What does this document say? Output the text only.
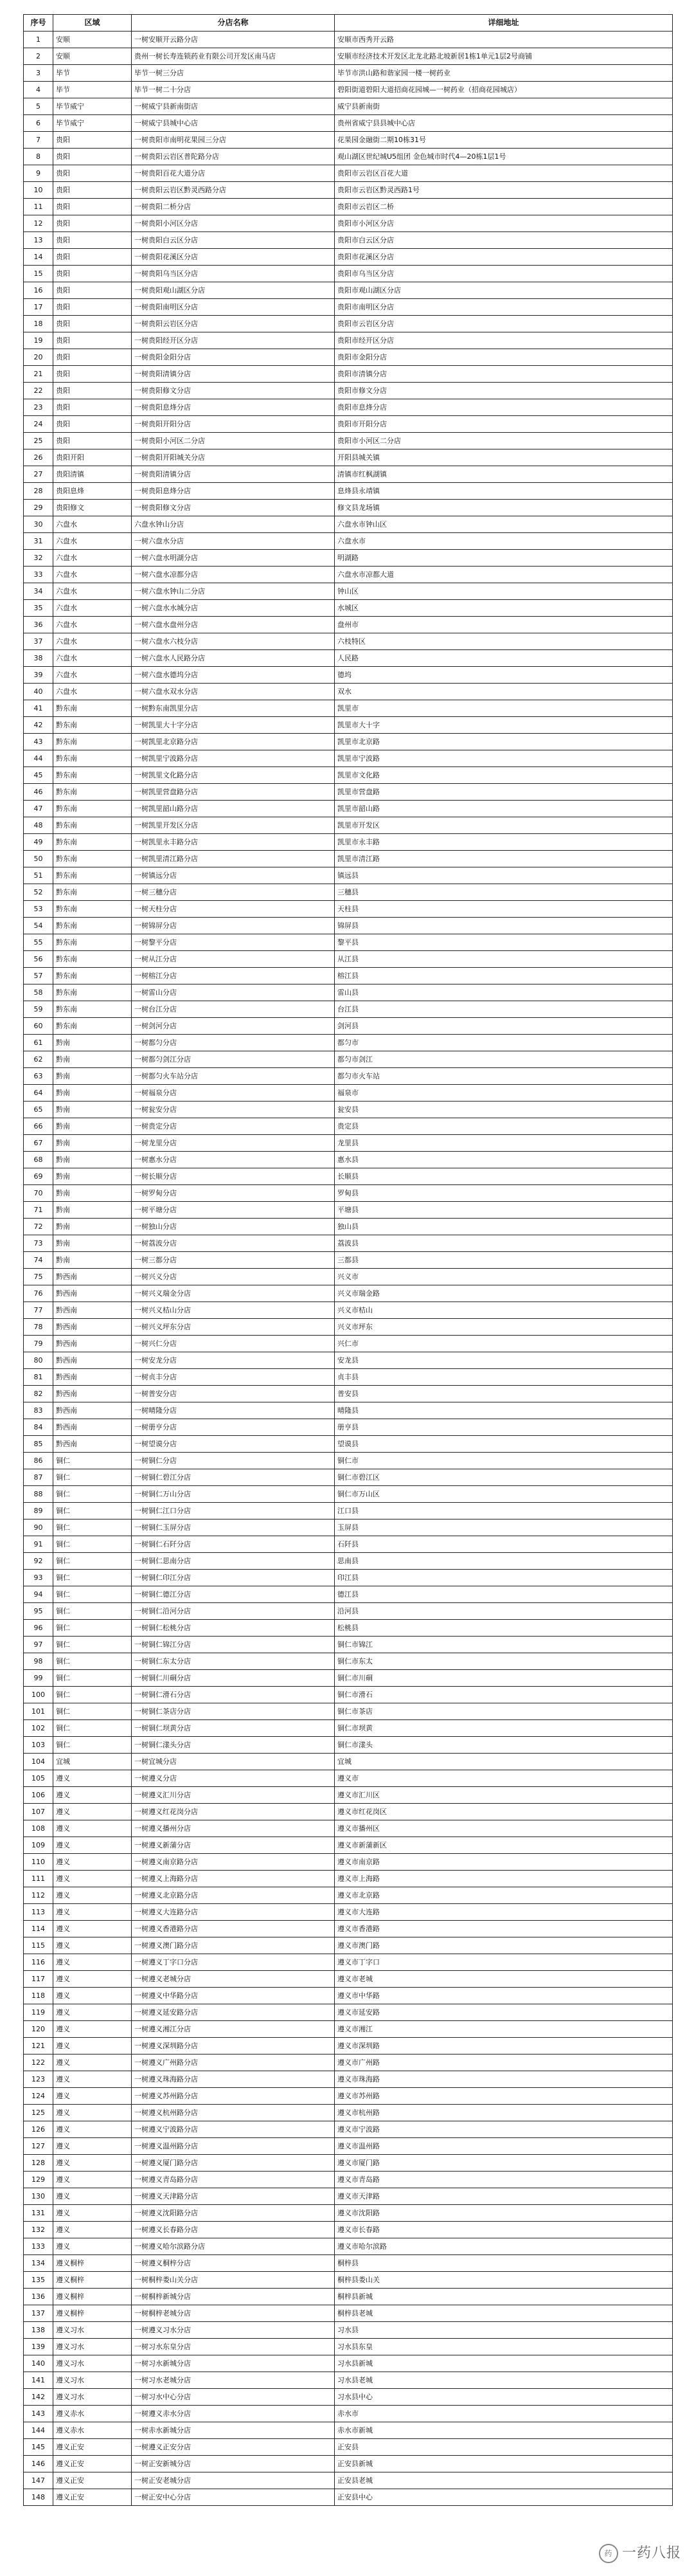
序号	区域	分店名称	详细地址
1	安顺	一树安顺开云路分店	安顺市西秀开云路
2	安顺	贵州一树长寿连锁药业有限公司开发区南马店	安顺市经济技术开发区北龙北路北坡新居1栋1单元1层2号商铺
3	毕节	毕节一树三分店	毕节市洪山路和谐家园一楼一树药业
4	毕节	毕节一树二十分店	碧阳街道碧阳大道招商花园城—一树药业（招商花园城店）
5	毕节威宁	一树威宁县新南街店	威宁县新南街
6	毕节威宁	一树威宁县城中心店	贵州省威宁县县城中心店
7	贵阳	一树贵阳市南明花果园三分店	花果园金融街二期10栋31号
8	贵阳	一树贵阳云岩区普陀路分店	观山湖区世纪城U5组团 金色城市时代4—20栋1层1号
9	贵阳	一树贵阳百花大道分店	贵阳市云岩区百花大道
10	贵阳	一树贵阳云岩区黔灵西路分店	贵阳市云岩区黔灵西路1号
11	贵阳	一树贵阳二桥分店	贵阳市云岩区二桥
12	贵阳	一树贵阳小河区分店	贵阳市小河区分店
13	贵阳	一树贵阳白云区分店	贵阳市白云区分店
14	贵阳	一树贵阳花溪区分店	贵阳市花溪区分店
15	贵阳	一树贵阳乌当区分店	贵阳市乌当区分店
16	贵阳	一树贵阳观山湖区分店	贵阳市观山湖区分店
17	贵阳	一树贵阳南明区分店	贵阳市南明区分店
18	贵阳	一树贵阳云岩区分店	贵阳市云岩区分店
19	贵阳	一树贵阳经开区分店	贵阳市经开区分店
20	贵阳	一树贵阳金阳分店	贵阳市金阳分店
21	贵阳	一树贵阳清镇分店	贵阳市清镇分店
22	贵阳	一树贵阳修文分店	贵阳市修文分店
23	贵阳	一树贵阳息烽分店	贵阳市息烽分店
24	贵阳	一树贵阳开阳分店	贵阳市开阳分店
25	贵阳	一树贵阳小河区二分店	贵阳市小河区二分店
26	贵阳开阳	一树贵阳开阳城关分店	开阳县城关镇
27	贵阳清镇	一树贵阳清镇分店	清镇市红枫湖镇
28	贵阳息烽	一树贵阳息烽分店	息烽县永靖镇
29	贵阳修文	一树贵阳修文分店	修文县龙场镇
30	六盘水	六盘水钟山分店	六盘水市钟山区
31	六盘水	一树六盘水分店	六盘水市
32	六盘水	一树六盘水明湖分店	明湖路
33	六盘水	一树六盘水凉都分店	六盘水市凉都大道
34	六盘水	一树六盘水钟山二分店	钟山区
35	六盘水	一树六盘水水城分店	水城区
36	六盘水	一树六盘水盘州分店	盘州市
37	六盘水	一树六盘水六枝分店	六枝特区
38	六盘水	一树六盘水人民路分店	人民路
39	六盘水	一树六盘水德坞分店	德坞
40	六盘水	一树六盘水双水分店	双水
41	黔东南	一树黔东南凯里分店	凯里市
42	黔东南	一树凯里大十字分店	凯里市大十字
43	黔东南	一树凯里北京路分店	凯里市北京路
44	黔东南	一树凯里宁波路分店	凯里市宁波路
45	黔东南	一树凯里文化路分店	凯里市文化路
46	黔东南	一树凯里营盘路分店	凯里市营盘路
47	黔东南	一树凯里韶山路分店	凯里市韶山路
48	黔东南	一树凯里开发区分店	凯里市开发区
49	黔东南	一树凯里永丰路分店	凯里市永丰路
50	黔东南	一树凯里清江路分店	凯里市清江路
51	黔东南	一树镇远分店	镇远县
52	黔东南	一树三穗分店	三穗县
53	黔东南	一树天柱分店	天柱县
54	黔东南	一树锦屏分店	锦屏县
55	黔东南	一树黎平分店	黎平县
56	黔东南	一树从江分店	从江县
57	黔东南	一树榕江分店	榕江县
58	黔东南	一树雷山分店	雷山县
59	黔东南	一树台江分店	台江县
60	黔东南	一树剑河分店	剑河县
61	黔南	一树都匀分店	都匀市
62	黔南	一树都匀剑江分店	都匀市剑江
63	黔南	一树都匀火车站分店	都匀市火车站
64	黔南	一树福泉分店	福泉市
65	黔南	一树瓮安分店	瓮安县
66	黔南	一树贵定分店	贵定县
67	黔南	一树龙里分店	龙里县
68	黔南	一树惠水分店	惠水县
69	黔南	一树长顺分店	长顺县
70	黔南	一树罗甸分店	罗甸县
71	黔南	一树平塘分店	平塘县
72	黔南	一树独山分店	独山县
73	黔南	一树荔波分店	荔波县
74	黔南	一树三都分店	三都县
75	黔西南	一树兴义分店	兴义市
76	黔西南	一树兴义瑞金分店	兴义市瑞金路
77	黔西南	一树兴义桔山分店	兴义市桔山
78	黔西南	一树兴义坪东分店	兴义市坪东
79	黔西南	一树兴仁分店	兴仁市
80	黔西南	一树安龙分店	安龙县
81	黔西南	一树贞丰分店	贞丰县
82	黔西南	一树普安分店	普安县
83	黔西南	一树晴隆分店	晴隆县
84	黔西南	一树册亨分店	册亨县
85	黔西南	一树望谟分店	望谟县
86	铜仁	一树铜仁分店	铜仁市
87	铜仁	一树铜仁碧江分店	铜仁市碧江区
88	铜仁	一树铜仁万山分店	铜仁市万山区
89	铜仁	一树铜仁江口分店	江口县
90	铜仁	一树铜仁玉屏分店	玉屏县
91	铜仁	一树铜仁石阡分店	石阡县
92	铜仁	一树铜仁思南分店	思南县
93	铜仁	一树铜仁印江分店	印江县
94	铜仁	一树铜仁德江分店	德江县
95	铜仁	一树铜仁沿河分店	沿河县
96	铜仁	一树铜仁松桃分店	松桃县
97	铜仁	一树铜仁锦江分店	铜仁市锦江
98	铜仁	一树铜仁东太分店	铜仁市东太
99	铜仁	一树铜仁川硐分店	铜仁市川硐
100	铜仁	一树铜仁滑石分店	铜仁市滑石
101	铜仁	一树铜仁茶店分店	铜仁市茶店
102	铜仁	一树铜仁坝黄分店	铜仁市坝黄
103	铜仁	一树铜仁漾头分店	铜仁市漾头
104	宜城	一树宜城分店	宜城
105	遵义	一树遵义分店	遵义市
106	遵义	一树遵义汇川分店	遵义市汇川区
107	遵义	一树遵义红花岗分店	遵义市红花岗区
108	遵义	一树遵义播州分店	遵义市播州区
109	遵义	一树遵义新蒲分店	遵义市新蒲新区
110	遵义	一树遵义南京路分店	遵义市南京路
111	遵义	一树遵义上海路分店	遵义市上海路
112	遵义	一树遵义北京路分店	遵义市北京路
113	遵义	一树遵义大连路分店	遵义市大连路
114	遵义	一树遵义香港路分店	遵义市香港路
115	遵义	一树遵义澳门路分店	遵义市澳门路
116	遵义	一树遵义丁字口分店	遵义市丁字口
117	遵义	一树遵义老城分店	遵义市老城
118	遵义	一树遵义中华路分店	遵义市中华路
119	遵义	一树遵义延安路分店	遵义市延安路
120	遵义	一树遵义湘江分店	遵义市湘江
121	遵义	一树遵义深圳路分店	遵义市深圳路
122	遵义	一树遵义广州路分店	遵义市广州路
123	遵义	一树遵义珠海路分店	遵义市珠海路
124	遵义	一树遵义苏州路分店	遵义市苏州路
125	遵义	一树遵义杭州路分店	遵义市杭州路
126	遵义	一树遵义宁波路分店	遵义市宁波路
127	遵义	一树遵义温州路分店	遵义市温州路
128	遵义	一树遵义厦门路分店	遵义市厦门路
129	遵义	一树遵义青岛路分店	遵义市青岛路
130	遵义	一树遵义天津路分店	遵义市天津路
131	遵义	一树遵义沈阳路分店	遵义市沈阳路
132	遵义	一树遵义长春路分店	遵义市长春路
133	遵义	一树遵义哈尔滨路分店	遵义市哈尔滨路
134	遵义桐梓	一树遵义桐梓分店	桐梓县
135	遵义桐梓	一树桐梓娄山关分店	桐梓县娄山关
136	遵义桐梓	一树桐梓新城分店	桐梓县新城
137	遵义桐梓	一树桐梓老城分店	桐梓县老城
138	遵义习水	一树遵义习水分店	习水县
139	遵义习水	一树习水东皇分店	习水县东皇
140	遵义习水	一树习水新城分店	习水县新城
141	遵义习水	一树习水老城分店	习水县老城
142	遵义习水	一树习水中心分店	习水县中心
143	遵义赤水	一树遵义赤水分店	赤水市
144	遵义赤水	一树赤水新城分店	赤水市新城
145	遵义正安	一树遵义正安分店	正安县
146	遵义正安	一树正安新城分店	正安县新城
147	遵义正安	一树正安老城分店	正安县老城
148	遵义正安	一树正安中心分店	正安县中心
药 一药八报
